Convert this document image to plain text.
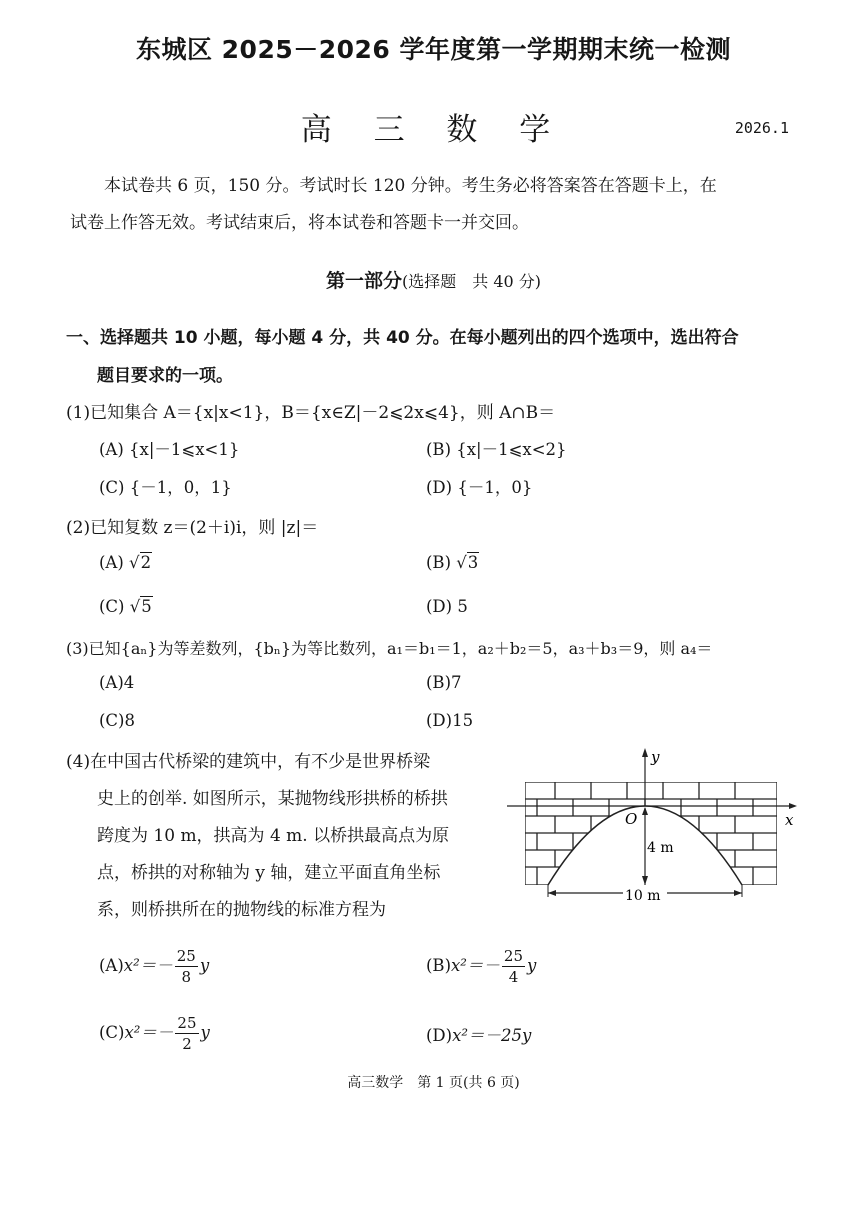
东城区 2025－2026 学年度第一学期期末统一检测
高 三 数 学	2026.1
本试卷共 6 页，150 分。考试时长 120 分钟。考生务必将答案答在答题卡上，在
试卷上作答无效。考试结束后，将本试卷和答题卡一并交回。
第一部分(选择题　共 40 分)
一、选择题共 10 小题，每小题 4 分，共 40 分。在每小题列出的四个选项中，选出符合
题目要求的一项。
(1)已知集合 A＝{x|x<1}，B＝{x∈Z|－2⩽2x⩽4}，则 A∩B＝
(A) {x|－1⩽x<1}	(B) {x|－1⩽x<2}
(C) {－1，0，1}	(D) {－1，0}
(2)已知复数 z＝(2＋i)i，则 |z|＝
(A) √2	(B) √3
(C) √5	(D) 5
(3)已知{aₙ}为等差数列，{bₙ}为等比数列，a₁＝b₁＝1，a₂＋b₂＝5，a₃＋b₃＝9，则 a₄＝
(A)4	(B)7
(C)8	(D)15
(4)在中国古代桥梁的建筑中，有不少是世界桥梁
史上的创举. 如图所示，某抛物线形拱桥的桥拱
跨度为 10 m，拱高为 4 m. 以桥拱最高点为原
点，桥拱的对称轴为 y 轴，建立平面直角坐标
系，则桥拱所在的抛物线的标准方程为
x
y
O
4 m
10 m
$(A)x^2=- \frac{25}{8}$ y	$(B)x^2=- \frac{25}{4}$ y
$(C)x^2=- \frac{25}{2}$ y	(D)x²＝－25y
高三数学　第 1 页(共 6 页)
